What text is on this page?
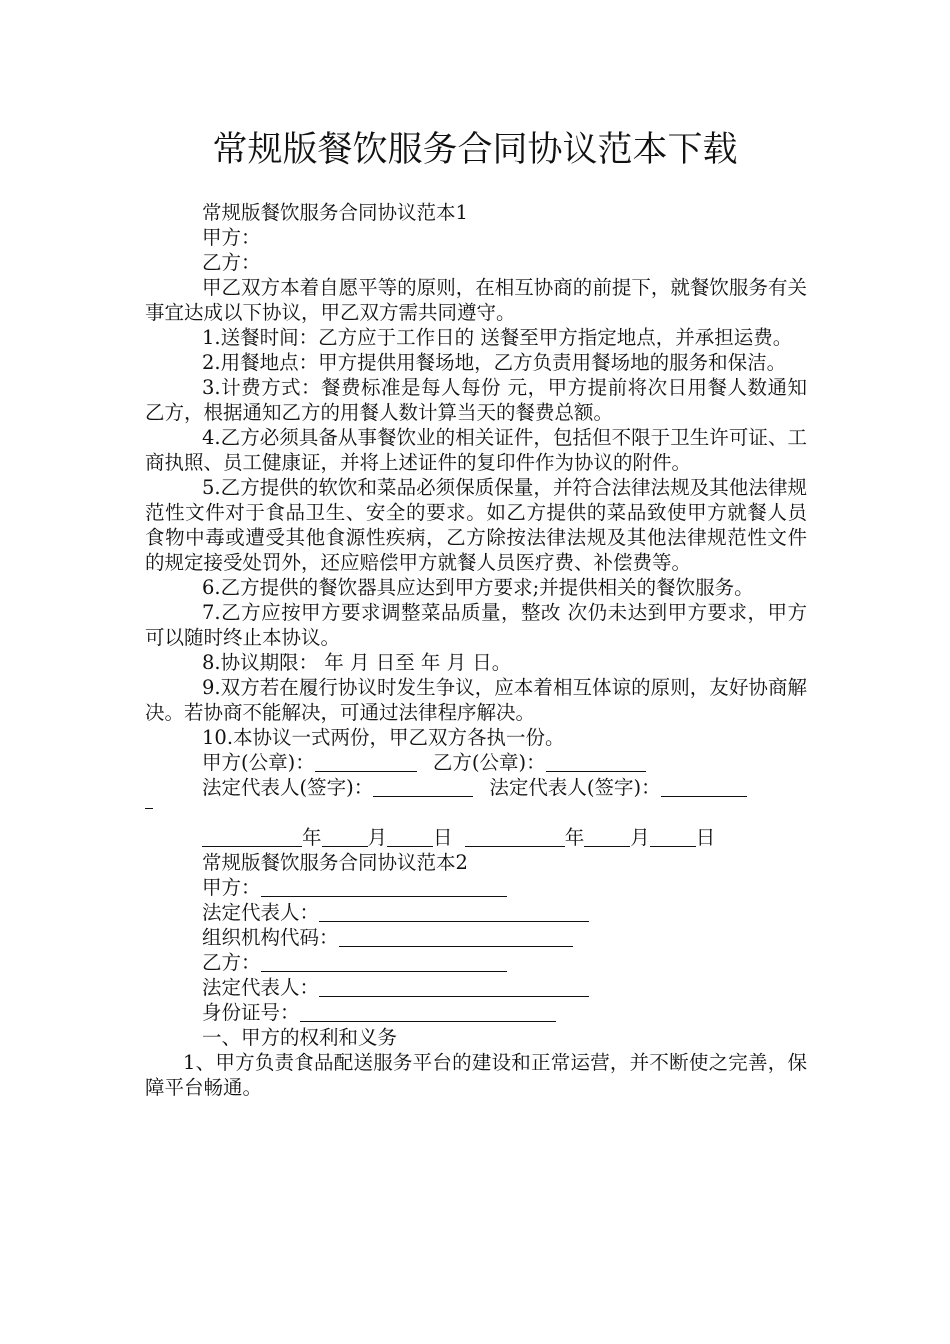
常规版餐饮服务合同协议范本下载

常规版餐饮服务合同协议范本1

甲方：

乙方：

甲乙双方本着自愿平等的原则，在相互协商的前提下，就餐饮服务有关事宜达成以下协议，甲乙双方需共同遵守。

1.送餐时间：乙方应于工作日的 送餐至甲方指定地点，并承担运费。

2.用餐地点：甲方提供用餐场地，乙方负责用餐场地的服务和保洁。

3.计费方式：餐费标准是每人每份 元，甲方提前将次日用餐人数通知乙方，根据通知乙方的用餐人数计算当天的餐费总额。

4.乙方必须具备从事餐饮业的相关证件，包括但不限于卫生许可证、工商执照、员工健康证，并将上述证件的复印件作为协议的附件。

5.乙方提供的软饮和菜品必须保质保量，并符合法律法规及其他法律规范性文件对于食品卫生、安全的要求。如乙方提供的菜品致使甲方就餐人员食物中毒或遭受其他食源性疾病，乙方除按法律法规及其他法律规范性文件的规定接受处罚外，还应赔偿甲方就餐人员医疗费、补偿费等。

6.乙方提供的餐饮器具应达到甲方要求;并提供相关的餐饮服务。

7.乙方应按甲方要求调整菜品质量，整改 次仍未达到甲方要求，甲方可以随时终止本协议。

8.协议期限： 年 月 日至 年 月 日。

9.双方若在履行协议时发生争议，应本着相互体谅的原则，友好协商解决。若协商不能解决，可通过法律程序解决。

10.本协议一式两份，甲乙双方各执一份。

甲方(公章)：	乙方(公章)：

法定代表人(签字)：	法定代表人(签字)：

年 月 日	年 月 日

常规版餐饮服务合同协议范本2

甲方：

法定代表人：

组织机构代码：

乙方：

法定代表人：

身份证号：

一、甲方的权利和义务

1、甲方负责食品配送服务平台的建设和正常运营，并不断使之完善，保障平台畅通。
